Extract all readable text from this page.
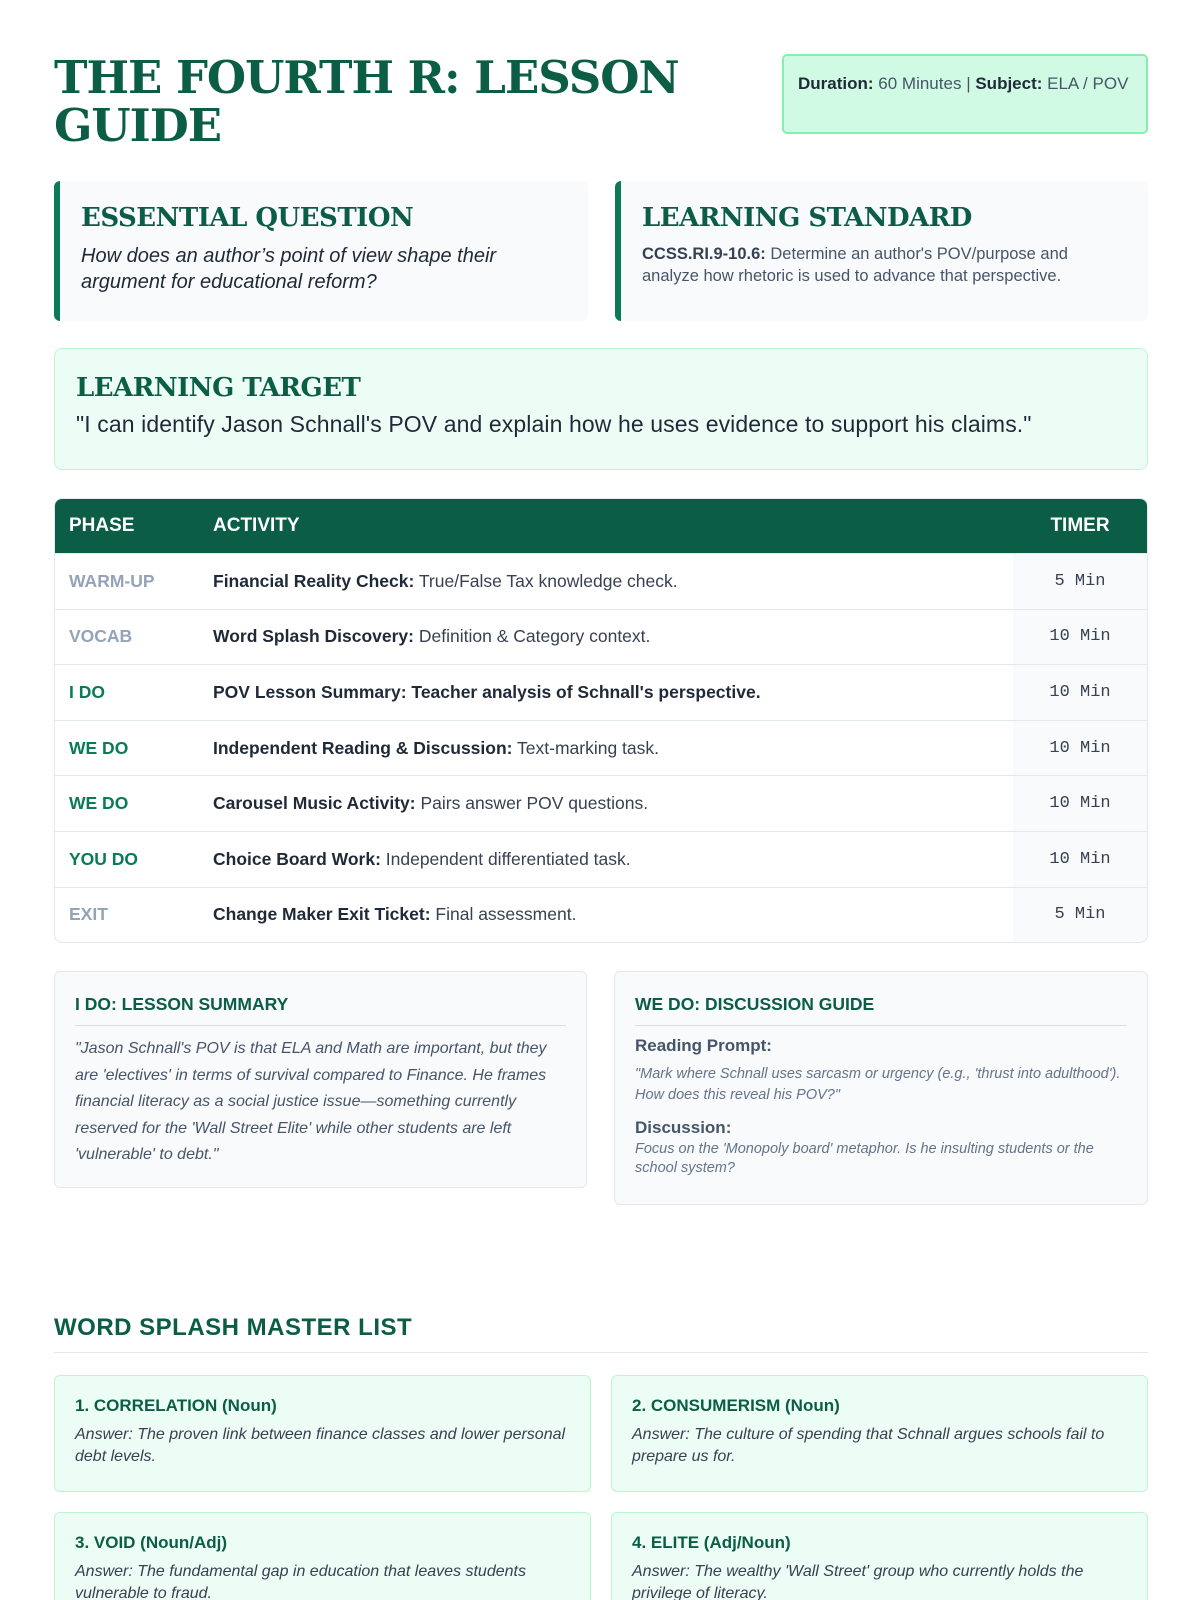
THE FOURTH R: LESSON GUIDE
Duration: 60 Minutes | Subject: ELA / POV
ESSENTIAL QUESTION
How does an author’s point of view shape their argument for educational reform?
LEARNING STANDARD
CCSS.RI.9-10.6: Determine an author's POV/purpose and analyze how rhetoric is used to advance that perspective.
LEARNING TARGET
"I can identify Jason Schnall's POV and explain how he uses evidence to support his claims."
PHASE	ACTIVITY	TIMER
WARM-UP	Financial Reality Check: True/False Tax knowledge check.	5 Min
VOCAB	Word Splash Discovery: Definition & Category context.	10 Min
I DO	POV Lesson Summary: Teacher analysis of Schnall's perspective.	10 Min
WE DO	Independent Reading & Discussion: Text-marking task.	10 Min
WE DO	Carousel Music Activity: Pairs answer POV questions.	10 Min
YOU DO	Choice Board Work: Independent differentiated task.	10 Min
EXIT	Change Maker Exit Ticket: Final assessment.	5 Min
I DO: LESSON SUMMARY
"Jason Schnall's POV is that ELA and Math are important, but they are 'electives' in terms of survival compared to Finance. He frames financial literacy as a social justice issue—something currently reserved for the 'Wall Street Elite' while other students are left 'vulnerable' to debt."
WE DO: DISCUSSION GUIDE
Reading Prompt:
"Mark where Schnall uses sarcasm or urgency (e.g., 'thrust into adulthood'). How does this reveal his POV?"
Discussion:
Focus on the 'Monopoly board' metaphor. Is he insulting students or the school system?
WORD SPLASH MASTER LIST
1. CORRELATION (Noun)
Answer: The proven link between finance classes and lower personal debt levels.
2. CONSUMERISM (Noun)
Answer: The culture of spending that Schnall argues schools fail to prepare us for.
3. VOID (Noun/Adj)
Answer: The fundamental gap in education that leaves students vulnerable to fraud.
4. ELITE (Adj/Noun)
Answer: The wealthy 'Wall Street' group who currently holds the privilege of literacy.
